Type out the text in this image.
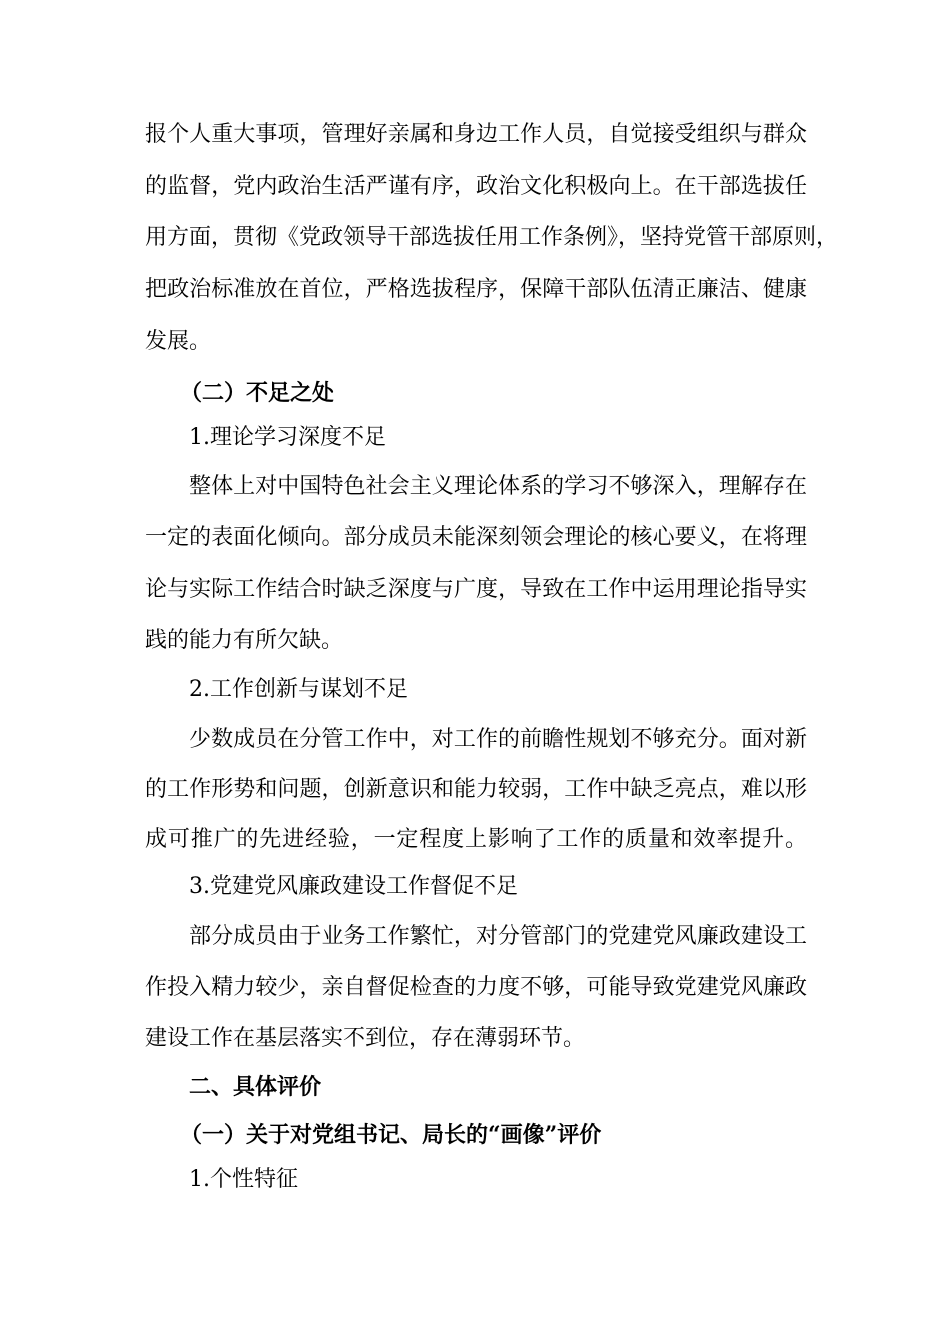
报个人重大事项，管理好亲属和身边工作人员，自觉接受组织与群众
的监督，党内政治生活严谨有序，政治文化积极向上。在干部选拔任
用方面，贯彻《党政领导干部选拔任用工作条例》，坚持党管干部原则，
把政治标准放在首位，严格选拔程序，保障干部队伍清正廉洁、健康
发展。
（二）不足之处
1.理论学习深度不足
整体上对中国特色社会主义理论体系的学习不够深入，理解存在
一定的表面化倾向。部分成员未能深刻领会理论的核心要义，在将理
论与实际工作结合时缺乏深度与广度，导致在工作中运用理论指导实
践的能力有所欠缺。
2.工作创新与谋划不足
少数成员在分管工作中，对工作的前瞻性规划不够充分。面对新
的工作形势和问题，创新意识和能力较弱，工作中缺乏亮点，难以形
成可推广的先进经验，一定程度上影响了工作的质量和效率提升。
3.党建党风廉政建设工作督促不足
部分成员由于业务工作繁忙，对分管部门的党建党风廉政建设工
作投入精力较少，亲自督促检查的力度不够，可能导致党建党风廉政
建设工作在基层落实不到位，存在薄弱环节。
二、具体评价
（一）关于对党组书记、局长的“画像”评价
1.个性特征
